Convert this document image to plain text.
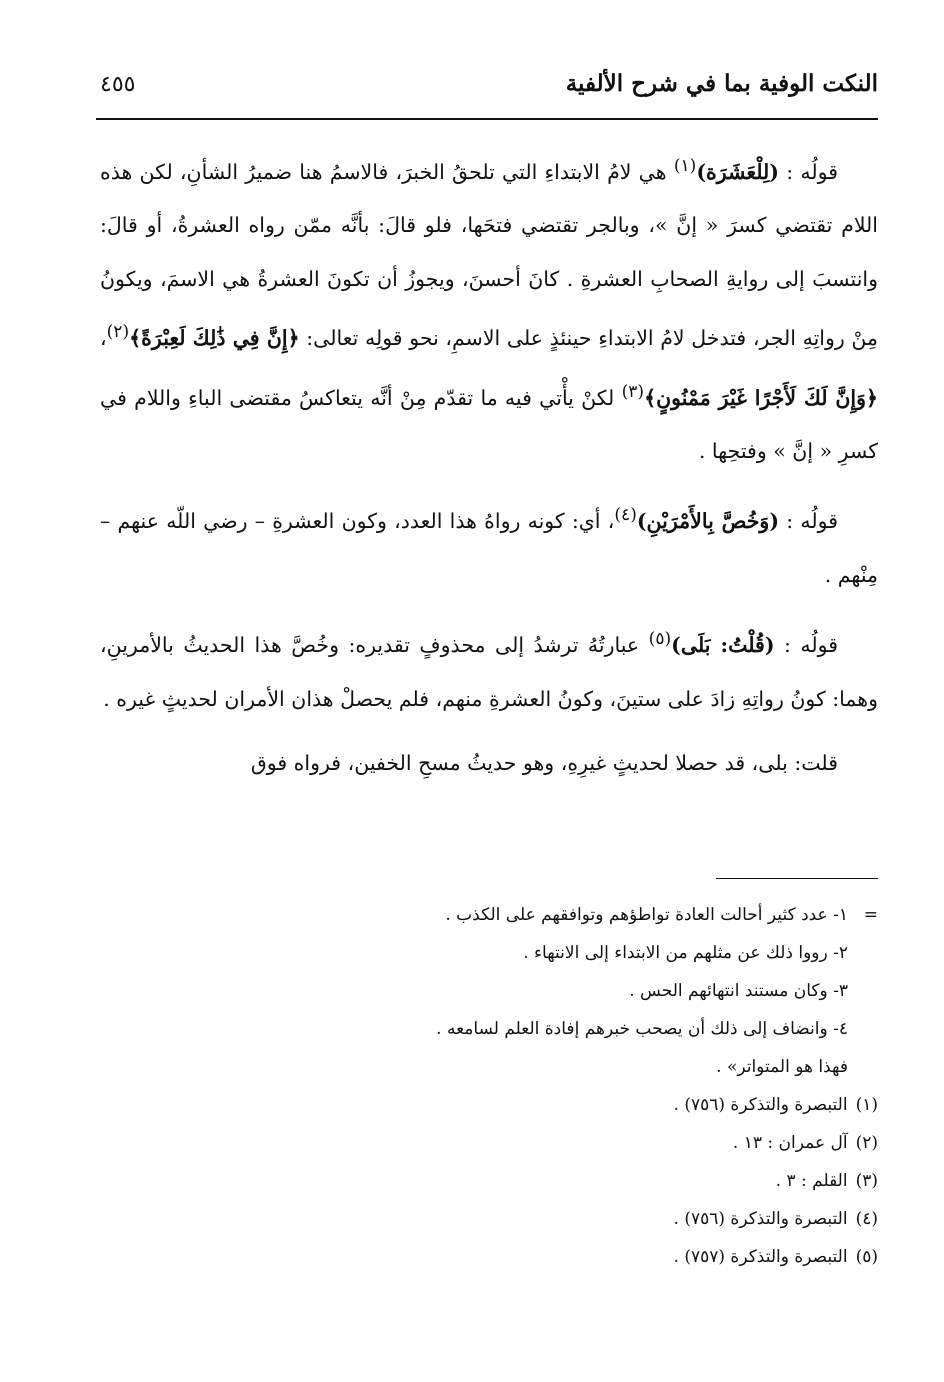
النكت الوفية بما في شرح الألفية
٤٥٥

قولُه : (لِلْعَشَرَة)$^{(١)}$ هي لامُ الابتداءِ التي تلحقُ الخبرَ، فالاسمُ هنا ضميرُ الشأنِ، لكن هذه اللام تقتضي كسرَ « إنَّ »، وبالجر تقتضي فتحَها، فلو قالَ: بأنَّه ممّن رواه العشرةُ، أو قالَ: وانتسبَ إلى روايةِ الصحابِ العشرةِ . كانَ أحسنَ، ويجوزُ أن تكونَ العشرةُ هي الاسمَ، ويكونُ مِنْ رواتِهِ الجر، فتدخل لامُ الابتداءِ حينئذٍ على الاسمِ، نحو قولِه تعالى: ﴿إِنَّ فِي ذَٰلِكَ لَعِبْرَةً﴾$^{(٢)}$، ﴿وَإِنَّ لَكَ لَأَجْرًا غَيْرَ مَمْنُونٍ﴾$^{(٣)}$ لكنْ يأْتي فيه ما تقدّم مِنْ أنَّه يتعاكسُ مقتضى الباءِ واللام في كسرِ « إنَّ » وفتحِها .

قولُه : (وَخُصَّ بِالأَمْرَيْنِ)$^{(٤)}$، أي: كونه رواهُ هذا العدد، وكون العشرةِ – رضي اللّه عنهم – مِنْهم .

قولُه : (قُلْتُ: بَلَى)$^{(٥)}$ عبارتُهُ ترشدُ إلى محذوفٍ تقديره: وخُصَّ هذا الحديثُ بالأمرينِ، وهما: كونُ رواتِهِ زادَ على ستينَ، وكونُ العشرةِ منهم، فلم يحصلْ هذان الأمران لحديثٍ غيره .

قلت: بلى، قد حصلا لحديثٍ غيرِهِ، وهو حديثُ مسحِ الخفين، فرواه فوق

=
١- عدد كثير أحالت العادة تواطؤهم وتوافقهم على الكذب .

٢- رووا ذلك عن مثلهم من الابتداء إلى الانتهاء .

٣- وكان مستند انتهائهم الحس .

٤- وانضاف إلى ذلك أن يصحب خبرهم إفادة العلم لسامعه .

فهذا هو المتواتر» .

(١)التبصرة والتذكرة (٧٥٦) .

(٢)آل عمران : ١٣ .

(٣)القلم : ٣ .

(٤)التبصرة والتذكرة (٧٥٦) .

(٥)التبصرة والتذكرة (٧٥٧) .
